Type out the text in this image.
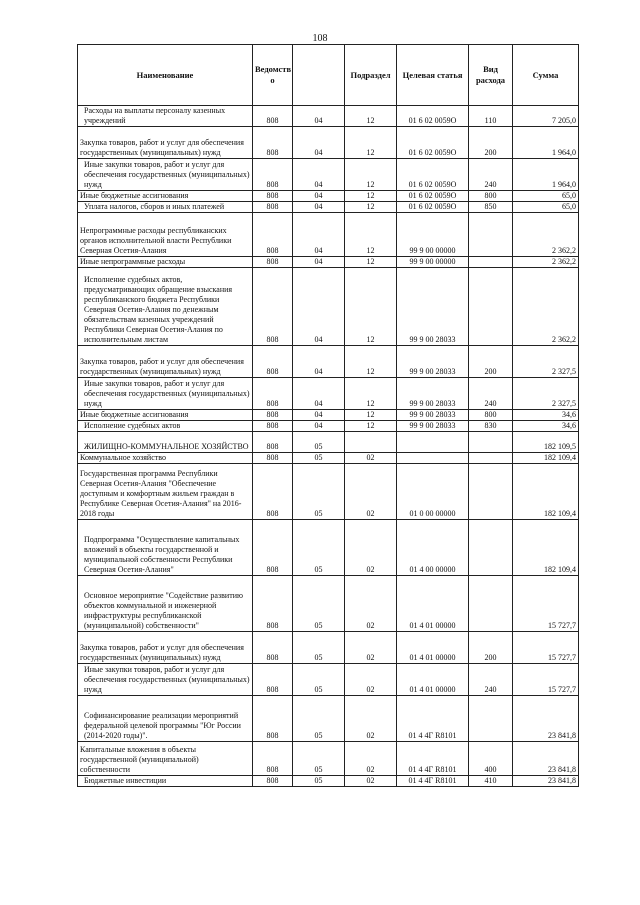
108
Наименование	Ведомств о		Подраздел	Целевая статья	Вид расхода	Сумма
Расходы на выплаты персоналу казенных учреждений	808	04	12	01 6 02 0059О	110	7 205,0
Закупка товаров, работ и услуг для обеспечения государственных (муниципальных) нужд	808	04	12	01 6 02 0059О	200	1 964,0
Иные закупки товаров, работ и услуг для обеспечения государственных (муниципальных) нужд	808	04	12	01 6 02 0059О	240	1 964,0
Иные бюджетные ассигнования	808	04	12	01 6 02 0059О	800	65,0
Уплата налогов, сборов и иных платежей	808	04	12	01 6 02 0059О	850	65,0
Непрограммные расходы республиканских органов исполнительной власти Республики Северная Осетия-Алания	808	04	12	99 9 00 00000		2 362,2
Иные непрограммные расходы	808	04	12	99 9 00 00000		2 362,2
Исполнение судебных актов, предусматривающих обращение взыскания республиканского бюджета Республики Северная Осетия-Алания по денежным обязательствам казенных учреждений Республики Северная Осетия-Алания по исполнительным листам	808	04	12	99 9 00 28033		2 362,2
Закупка товаров, работ и услуг для обеспечения государственных (муниципальных) нужд	808	04	12	99 9 00 28033	200	2 327,5
Иные закупки товаров, работ и услуг для обеспечения государственных (муниципальных) нужд	808	04	12	99 9 00 28033	240	2 327,5
Иные бюджетные ассигнования	808	04	12	99 9 00 28033	800	34,6
Исполнение судебных актов	808	04	12	99 9 00 28033	830	34,6
ЖИЛИЩНО-КОММУНАЛЬНОЕ ХОЗЯЙСТВО	808	05				182 109,5
Коммунальное хозяйство	808	05	02			182 109,4
Государственная программа Республики Северная Осетия-Алания "Обеспечение доступным и комфортным жильем граждан в Республике Северная Осетия-Алания" на 2016-2018 годы	808	05	02	01 0 00 00000		182 109,4
Подпрограмма "Осуществление капитальных вложений в объекты государственной и муниципальной собственности Республики Северная Осетия-Алания"	808	05	02	01 4 00 00000		182 109,4
Основное мероприятие "Содействие развитию объектов коммунальной и инженерной инфраструктуры республиканской (муниципальной) собственности"	808	05	02	01 4 01 00000		15 727,7
Закупка товаров, работ и услуг для обеспечения государственных (муниципальных) нужд	808	05	02	01 4 01 00000	200	15 727,7
Иные закупки товаров, работ и услуг для обеспечения государственных (муниципальных) нужд	808	05	02	01 4 01 00000	240	15 727,7
Софинансирование реализации мероприятий федеральной целевой программы "Юг России (2014-2020 годы)".	808	05	02	01 4 4Г R8101		23 841,8
Капитальные вложения в объекты государственной (муниципальной) собственности	808	05	02	01 4 4Г R8101	400	23 841,8
Бюджетные инвестиции	808	05	02	01 4 4Г R8101	410	23 841,8
